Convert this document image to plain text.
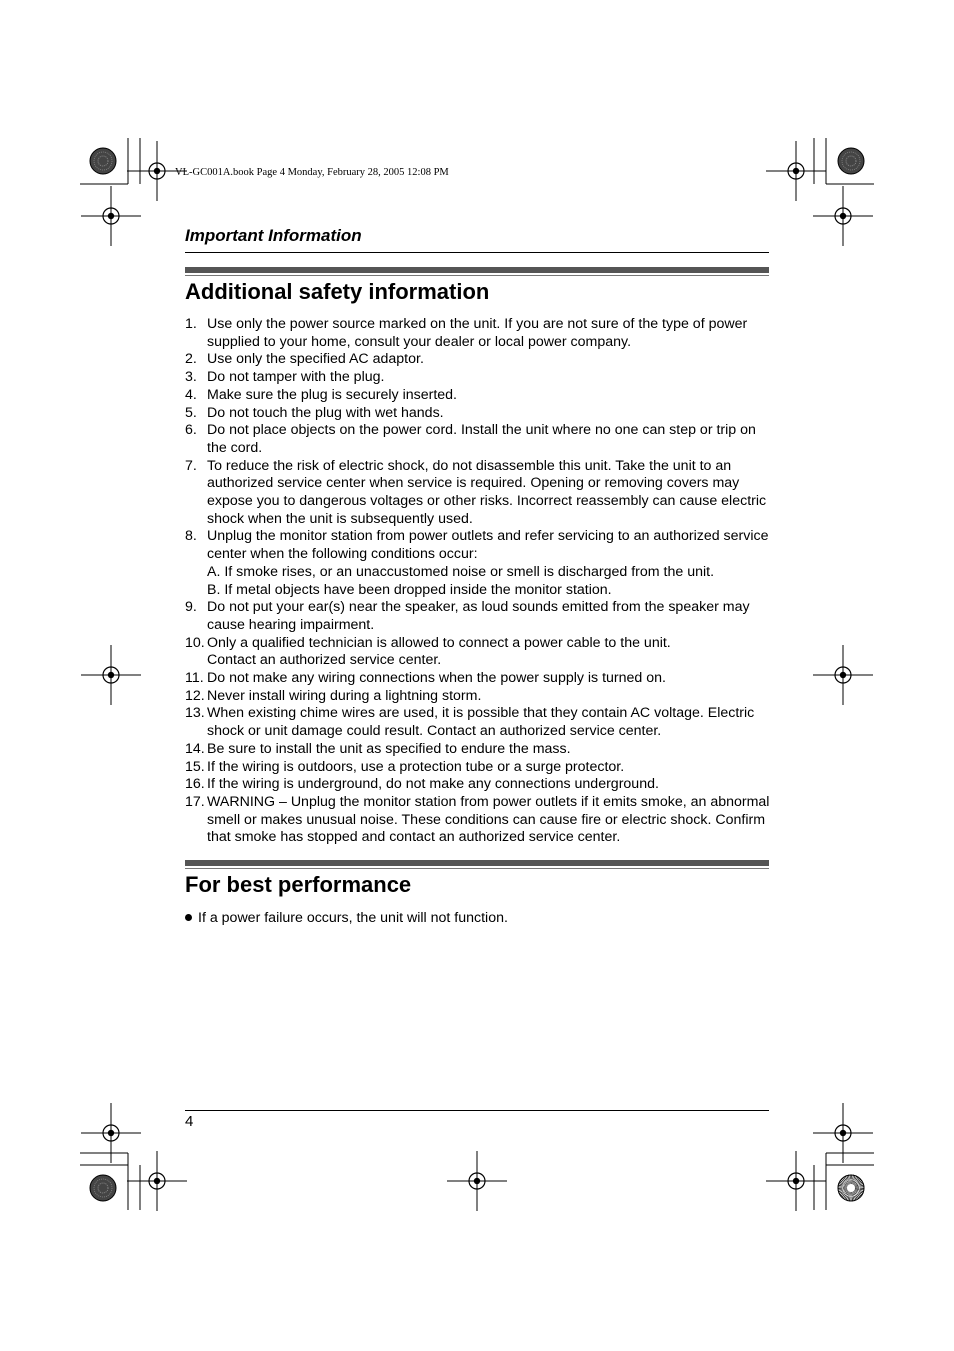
VL-GC001A.book Page 4 Monday, February 28, 2005 12:08 PM
Important Information
Additional safety information
1. Use only the power source marked on the unit. If you are not sure of the type of power
supplied to your home, consult your dealer or local power company.
2. Use only the specified AC adaptor.
3. Do not tamper with the plug.
4. Make sure the plug is securely inserted.
5. Do not touch the plug with wet hands.
6. Do not place objects on the power cord. Install the unit where no one can step or trip on
the cord.
7. To reduce the risk of electric shock, do not disassemble this unit. Take the unit to an
authorized service center when service is required. Opening or removing covers may
expose you to dangerous voltages or other risks. Incorrect reassembly can cause electric
shock when the unit is subsequently used.
8. Unplug the monitor station from power outlets and refer servicing to an authorized service
center when the following conditions occur:
A. If smoke rises, or an unaccustomed noise or smell is discharged from the unit.
B. If metal objects have been dropped inside the monitor station.
9. Do not put your ear(s) near the speaker, as loud sounds emitted from the speaker may
cause hearing impairment.
10. Only a qualified technician is allowed to connect a power cable to the unit.
Contact an authorized service center.
11. Do not make any wiring connections when the power supply is turned on.
12. Never install wiring during a lightning storm.
13. When existing chime wires are used, it is possible that they contain AC voltage. Electric
shock or unit damage could result. Contact an authorized service center.
14. Be sure to install the unit as specified to endure the mass.
15. If the wiring is outdoors, use a protection tube or a surge protector.
16. If the wiring is underground, do not make any connections underground.
17. WARNING – Unplug the monitor station from power outlets if it emits smoke, an abnormal
smell or makes unusual noise. These conditions can cause fire or electric shock. Confirm
that smoke has stopped and contact an authorized service center.
For best performance
If a power failure occurs, the unit will not function.
4
